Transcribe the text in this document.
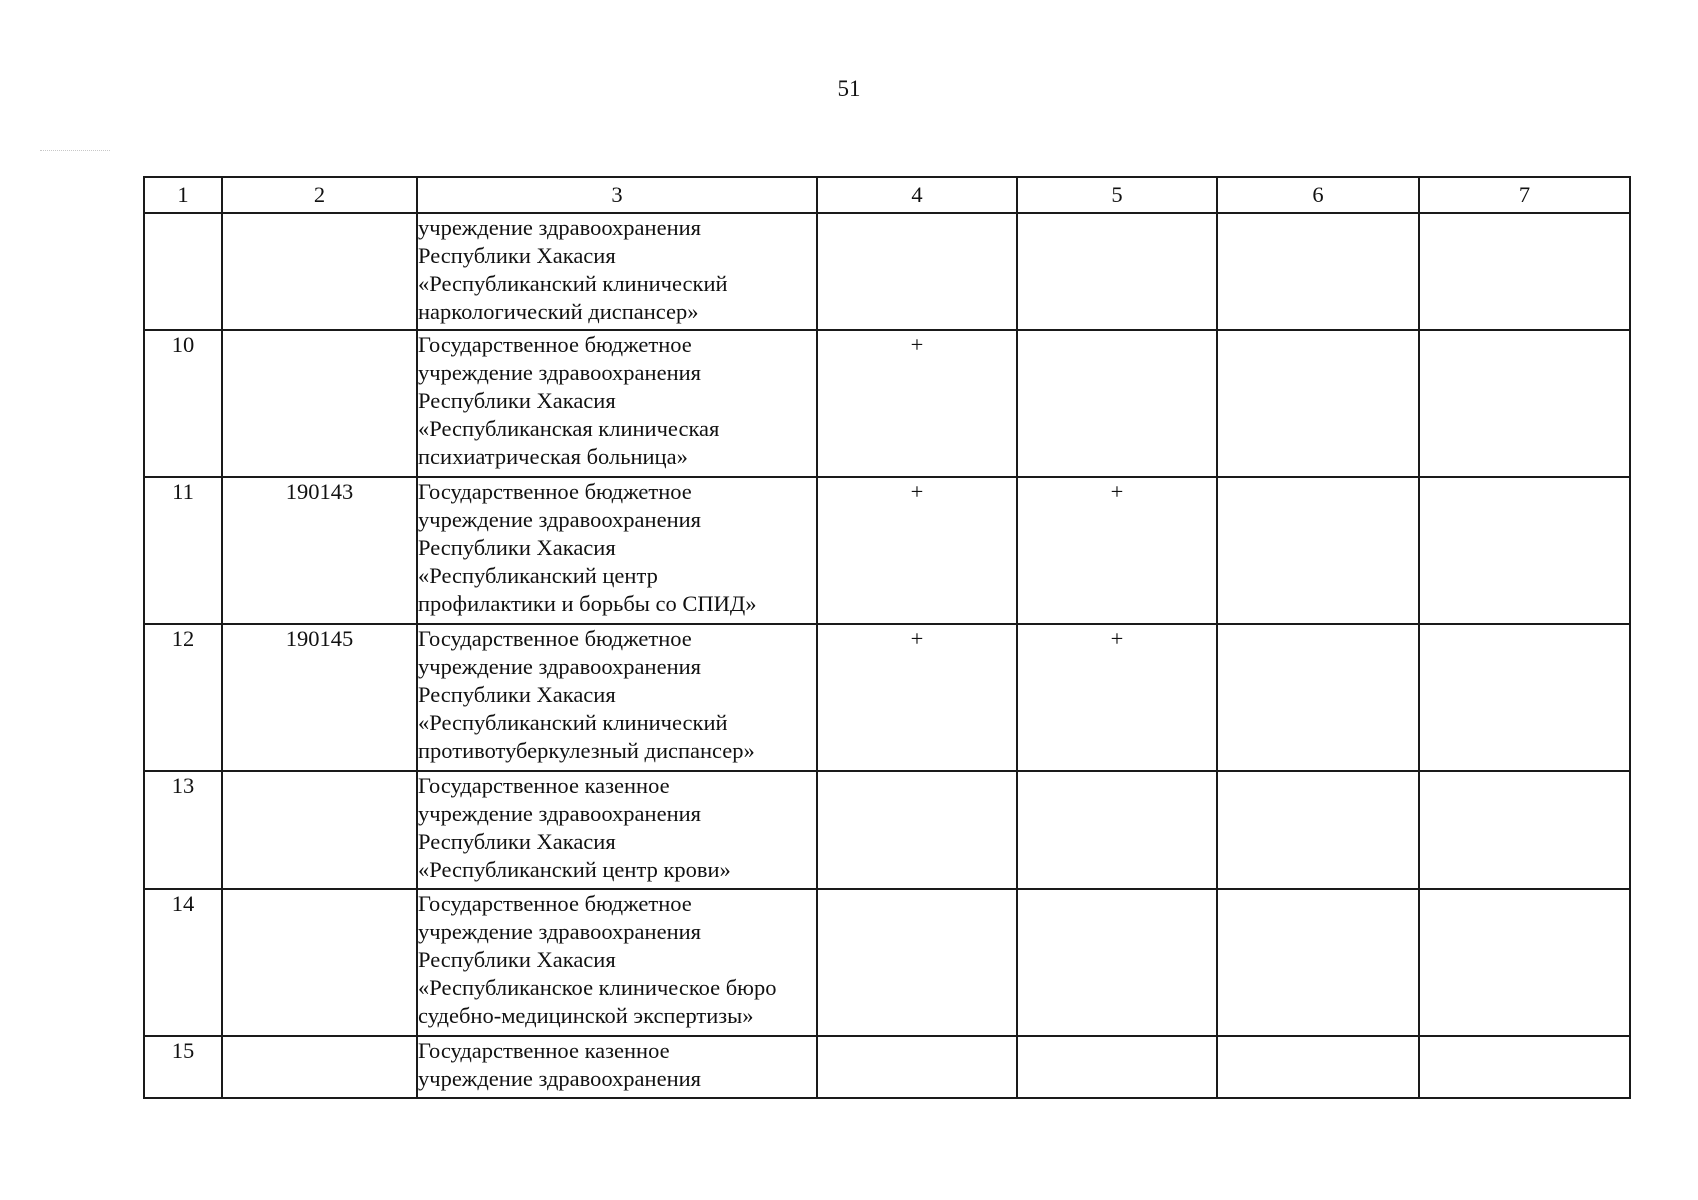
51
1	2	3	4	5	6	7
		учреждение здравоохранения
Республики Хакасия
«Республиканский клинический
наркологический диспансер»				
10		Государственное бюджетное
учреждение здравоохранения
Республики Хакасия
«Республиканская клиническая
психиатрическая больница»	+			
11	190143	Государственное бюджетное
учреждение здравоохранения
Республики Хакасия
«Республиканский центр
профилактики и борьбы со СПИД»	+	+		
12	190145	Государственное бюджетное
учреждение здравоохранения
Республики Хакасия
«Республиканский клинический
противотуберкулезный диспансер»	+	+		
13		Государственное казенное
учреждение здравоохранения
Республики Хакасия
«Республиканский центр крови»				
14		Государственное бюджетное
учреждение здравоохранения
Республики Хакасия
«Республиканское клиническое бюро
судебно-медицинской экспертизы»				
15		Государственное казенное
учреждение здравоохранения				
